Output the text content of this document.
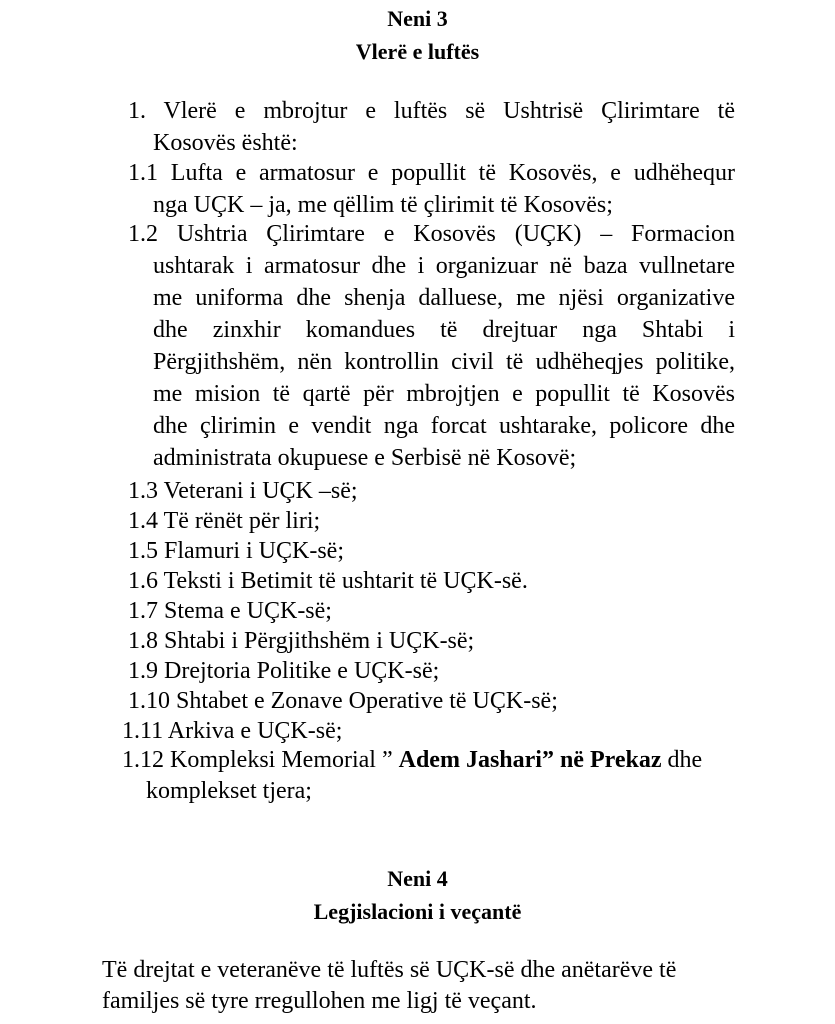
Neni 3
Vlerë e luftës
1. Vlerë e mbrojtur e luftës së Ushtrisë Çlirimtare të
Kosovës është:
1.1 Lufta e armatosur e popullit të Kosovës, e udhëhequr
nga UÇK – ja, me qëllim të çlirimit të Kosovës;
1.2 Ushtria Çlirimtare e Kosovës (UÇK) – Formacion
ushtarak i armatosur dhe i organizuar në baza vullnetare
me uniforma dhe shenja dalluese, me njësi organizative
dhe zinxhir komandues të drejtuar nga Shtabi i
Përgjithshëm, nën kontrollin civil të udhëheqjes politike,
me mision të qartë për mbrojtjen e popullit të Kosovës
dhe çlirimin e vendit nga forcat ushtarake, policore dhe
administrata okupuese e Serbisë në Kosovë;
1.3 Veterani i UÇK –së;
1.4 Të rënët për liri;
1.5 Flamuri i UÇK-së;
1.6 Teksti i Betimit të ushtarit të UÇK-së.
1.7 Stema e UÇK-së;
1.8 Shtabi i Përgjithshëm i UÇK-së;
1.9 Drejtoria Politike e UÇK-së;
1.10 Shtabet e Zonave Operative të UÇK-së;
1.11 Arkiva e UÇK-së;
1.12 Kompleksi Memorial ” Adem Jashari” në Prekaz dhe
komplekset tjera;
Neni 4
Legjislacioni i veçantë
Të drejtat e veteranëve të luftës së UÇK-së dhe anëtarëve të
familjes së tyre rregullohen me ligj të veçant.
